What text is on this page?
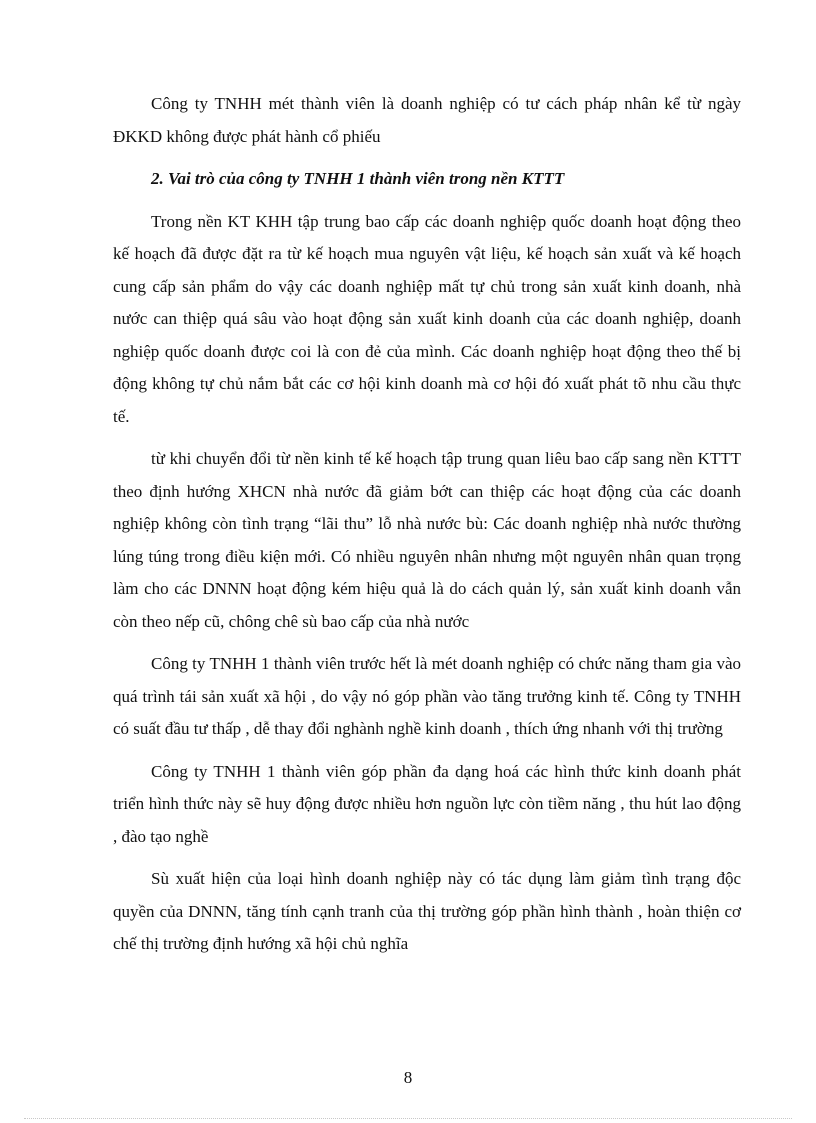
Công ty TNHH mét thành viên là doanh nghiệp có tư cách pháp nhân kể từ ngày ĐKKD không được phát hành cổ phiếu

2. Vai trò của công ty TNHH 1 thành viên trong nền KTTT

Trong nền KT KHH tập trung bao cấp các doanh nghiệp quốc doanh hoạt động theo kế hoạch đã được đặt ra từ kế hoạch mua nguyên vật liệu, kế hoạch sản xuất và kế hoạch cung cấp sản phẩm do vậy các doanh nghiệp mất tự chủ trong sản xuất kinh doanh, nhà nước can thiệp quá sâu vào hoạt động sản xuất kinh doanh của các doanh nghiệp, doanh nghiệp quốc doanh được coi là con đẻ của mình. Các doanh nghiệp hoạt động theo thế bị động không tự chủ nắm bắt các cơ hội kinh doanh mà cơ hội đó xuất phát tõ nhu cầu thực tế.

từ khi chuyển đổi từ nền kinh tế kế hoạch tập trung quan liêu bao cấp sang nền KTTT theo định hướng XHCN nhà nước đã giảm bớt can thiệp các hoạt động của các doanh nghiệp không còn tình trạng “lãi thu” lỗ nhà nước bù: Các doanh nghiệp nhà nước thường lúng túng trong điều kiện mới. Có nhiều nguyên nhân nhưng một nguyên nhân quan trọng làm cho các DNNN hoạt động kém hiệu quả là do cách quản lý, sản xuất kinh doanh vẫn còn theo nếp cũ, chông chê sù bao cấp của nhà nước

Công ty TNHH 1 thành viên trước hết là mét doanh nghiệp có chức năng tham gia vào quá trình tái sản xuất xã hội , do vậy nó góp phần vào tăng trưởng kinh tế. Công ty TNHH có suất đầu tư thấp , dễ thay đổi nghành nghề kinh doanh , thích ứng nhanh với thị trường

Công ty TNHH 1 thành viên góp phần đa dạng hoá các hình thức kinh doanh phát triển hình thức này sẽ huy động được nhiều hơn nguồn lực còn tiềm năng , thu hút lao động , đào tạo nghề

Sù xuất hiện của loại hình doanh nghiệp này có tác dụng làm giảm tình trạng độc quyền của DNNN, tăng tính cạnh tranh của thị trường góp phần hình thành , hoàn thiện cơ chế thị trường định hướng xã hội chủ nghĩa

8
